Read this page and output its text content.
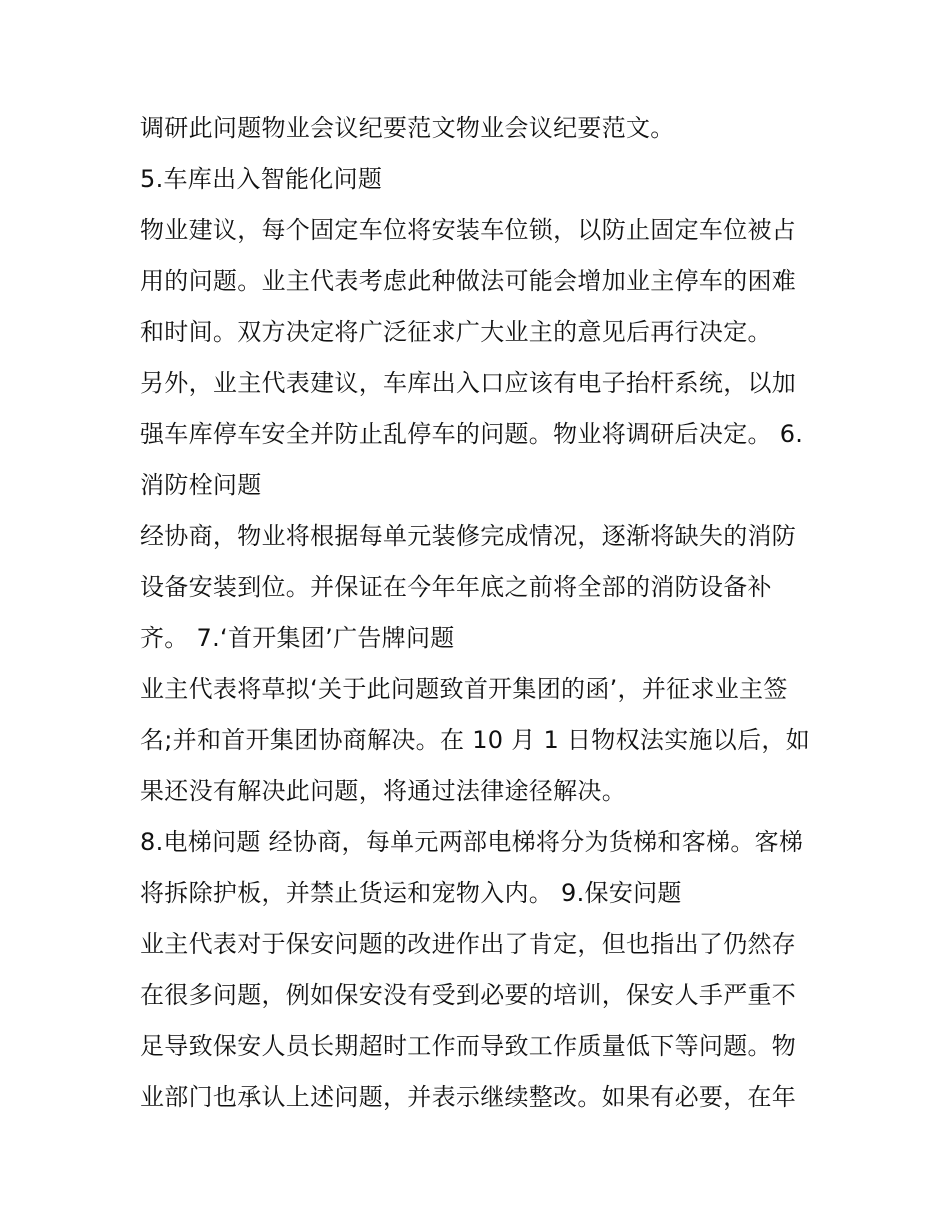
调研此问题物业会议纪要范文物业会议纪要范文。
5.车库出入智能化问题
物业建议，每个固定车位将安装车位锁，以防止固定车位被占
用的问题。业主代表考虑此种做法可能会增加业主停车的困难
和时间。双方决定将广泛征求广大业主的意见后再行决定。
另外，业主代表建议，车库出入口应该有电子抬杆系统，以加
强车库停车安全并防止乱停车的问题。物业将调研后决定。 6.
消防栓问题
经协商，物业将根据每单元装修完成情况，逐渐将缺失的消防
设备安装到位。并保证在今年年底之前将全部的消防设备补
齐。 7.‘首开集团’广告牌问题
业主代表将草拟‘关于此问题致首开集团的函’，并征求业主签
名;并和首开集团协商解决。在 10 月 1 日物权法实施以后，如
果还没有解决此问题，将通过法律途径解决。
8.电梯问题 经协商，每单元两部电梯将分为货梯和客梯。客梯
将拆除护板，并禁止货运和宠物入内。 9.保安问题
业主代表对于保安问题的改进作出了肯定，但也指出了仍然存
在很多问题，例如保安没有受到必要的培训，保安人手严重不
足导致保安人员长期超时工作而导致工作质量低下等问题。物
业部门也承认上述问题，并表示继续整改。如果有必要，在年
